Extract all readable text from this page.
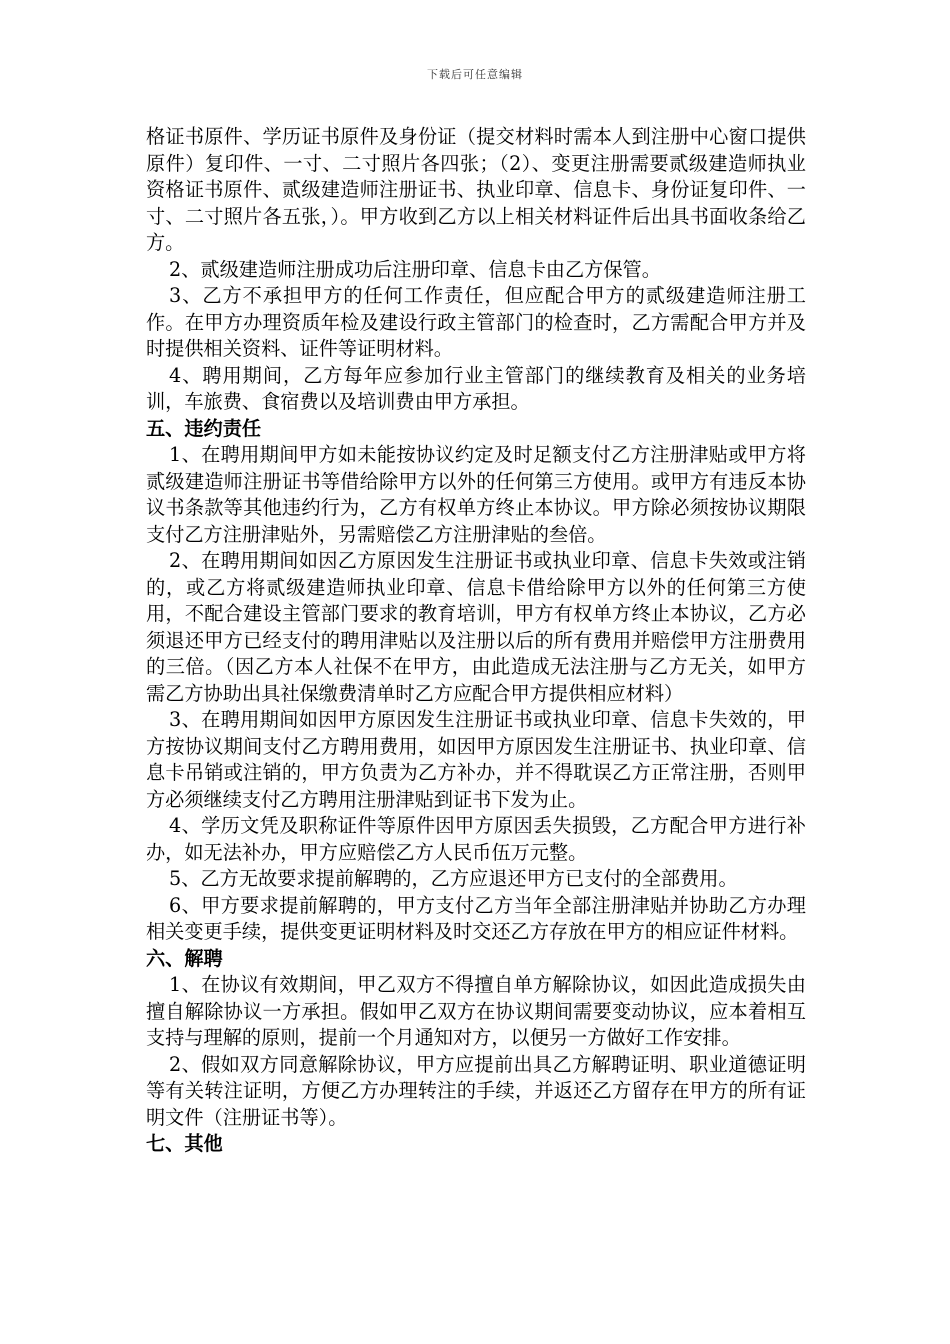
下载后可任意编辑

格证书原件、学历证书原件及身份证（提交材料时需本人到注册中心窗口提供原件）复印件、一寸、二寸照片各四张；（2）、变更注册需要贰级建造师执业资格证书原件、贰级建造师注册证书、执业印章、信息卡、身份证复印件、一寸、二寸照片各五张，）。甲方收到乙方以上相关材料证件后出具书面收条给乙方。

2、贰级建造师注册成功后注册印章、信息卡由乙方保管。

3、乙方不承担甲方的任何工作责任，但应配合甲方的贰级建造师注册工作。在甲方办理资质年检及建设行政主管部门的检查时，乙方需配合甲方并及时提供相关资料、证件等证明材料。

4、聘用期间，乙方每年应参加行业主管部门的继续教育及相关的业务培训，车旅费、食宿费以及培训费由甲方承担。

五、违约责任

1、在聘用期间甲方如未能按协议约定及时足额支付乙方注册津贴或甲方将贰级建造师注册证书等借给除甲方以外的任何第三方使用。或甲方有违反本协议书条款等其他违约行为，乙方有权单方终止本协议。甲方除必须按协议期限支付乙方注册津贴外，另需赔偿乙方注册津贴的叁倍。

2、在聘用期间如因乙方原因发生注册证书或执业印章、信息卡失效或注销的，或乙方将贰级建造师执业印章、信息卡借给除甲方以外的任何第三方使用，不配合建设主管部门要求的教育培训，甲方有权单方终止本协议，乙方必须退还甲方已经支付的聘用津贴以及注册以后的所有费用并赔偿甲方注册费用的三倍。（因乙方本人社保不在甲方，由此造成无法注册与乙方无关，如甲方需乙方协助出具社保缴费清单时乙方应配合甲方提供相应材料）

3、在聘用期间如因甲方原因发生注册证书或执业印章、信息卡失效的，甲方按协议期间支付乙方聘用费用，如因甲方原因发生注册证书、执业印章、信息卡吊销或注销的，甲方负责为乙方补办，并不得耽误乙方正常注册，否则甲方必须继续支付乙方聘用注册津贴到证书下发为止。

4、学历文凭及职称证件等原件因甲方原因丢失损毁，乙方配合甲方进行补办，如无法补办，甲方应赔偿乙方人民币伍万元整。

5、乙方无故要求提前解聘的，乙方应退还甲方已支付的全部费用。

6、甲方要求提前解聘的，甲方支付乙方当年全部注册津贴并协助乙方办理相关变更手续，提供变更证明材料及时交还乙方存放在甲方的相应证件材料。

六、解聘

1、在协议有效期间，甲乙双方不得擅自单方解除协议，如因此造成损失由擅自解除协议一方承担。假如甲乙双方在协议期间需要变动协议，应本着相互支持与理解的原则，提前一个月通知对方，以便另一方做好工作安排。

2、假如双方同意解除协议，甲方应提前出具乙方解聘证明、职业道德证明等有关转注证明，方便乙方办理转注的手续，并返还乙方留存在甲方的所有证明文件（注册证书等）。

七、其他
